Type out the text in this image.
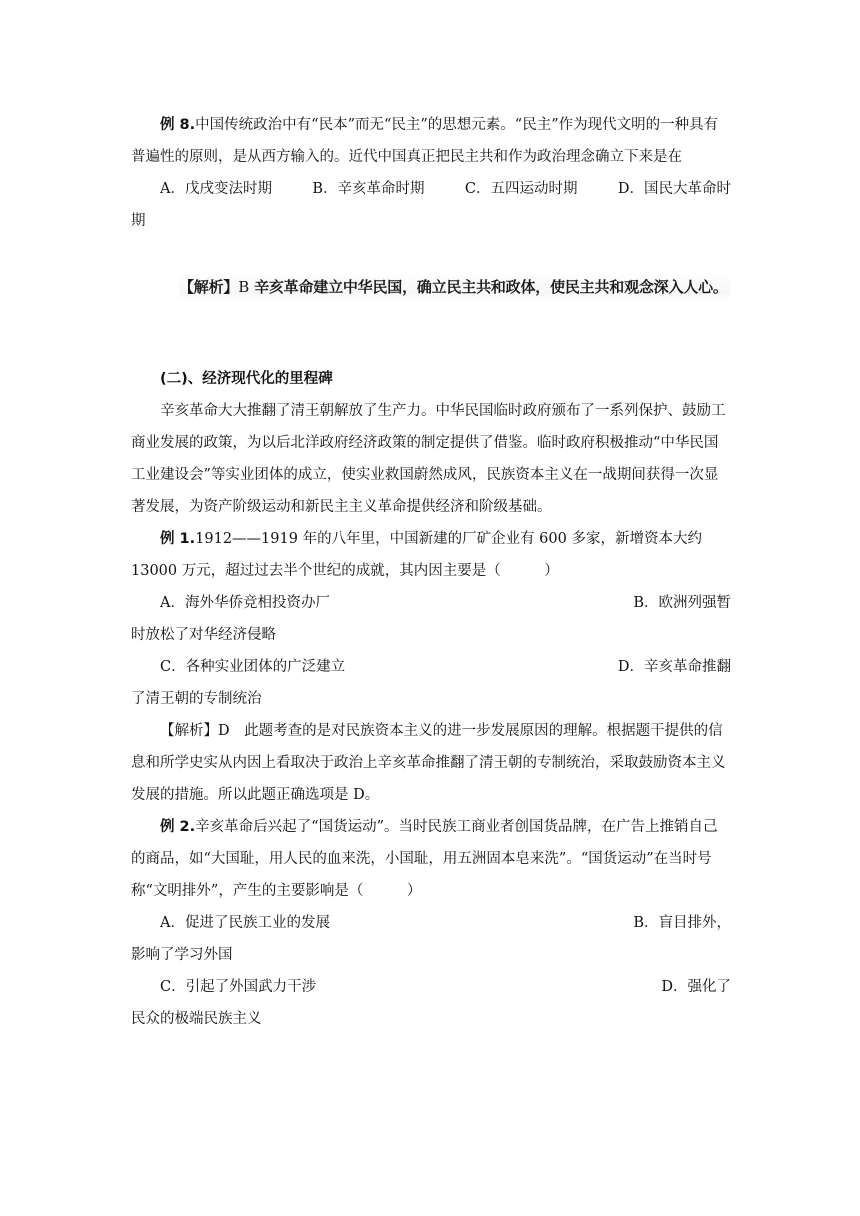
例 8.中国传统政治中有“民本”而无“民主”的思想元素。“民主”作为现代文明的一种具有普遍性的原则，是从西方输入的。近代中国真正把民主共和作为政治理念确立下来是在

A．戊戌变法时期	B．辛亥革命时期	C．五四运动时期	D．国民大革命时

期

【解析】B 辛亥革命建立中华民国，确立民主共和政体，使民主共和观念深入人心。

(二)、经济现代化的里程碑

辛亥革命大大推翻了清王朝解放了生产力。中华民国临时政府颁布了一系列保护、鼓励工商业发展的政策，为以后北洋政府经济政策的制定提供了借鉴。临时政府积极推动“中华民国工业建设会”等实业团体的成立，使实业救国蔚然成风，民族资本主义在一战期间获得一次显著发展，为资产阶级运动和新民主主义革命提供经济和阶级基础。

例 1.1912——1919 年的八年里，中国新建的厂矿企业有 600 多家，新增资本大约 13000 万元，超过过去半个世纪的成就，其内因主要是（　　　）

A．海外华侨竞相投资办厂	B．欧洲列强暂

时放松了对华经济侵略

C．各种实业团体的广泛建立	D．辛亥革命推翻

了清王朝的专制统治

【解析】D　此题考查的是对民族资本主义的进一步发展原因的理解。根据题干提供的信息和所学史实从内因上看取决于政治上辛亥革命推翻了清王朝的专制统治，采取鼓励资本主义发展的措施。所以此题正确选项是 D。

例 2.辛亥革命后兴起了“国货运动”。当时民族工商业者创国货品牌，在广告上推销自己的商品，如“大国耻，用人民的血来洗，小国耻，用五洲固本皂来洗”。“国货运动”在当时号称“文明排外”，产生的主要影响是（　　　）

A．促进了民族工业的发展	B．盲目排外，

影响了学习外国

C．引起了外国武力干涉	D．强化了

民众的极端民族主义
